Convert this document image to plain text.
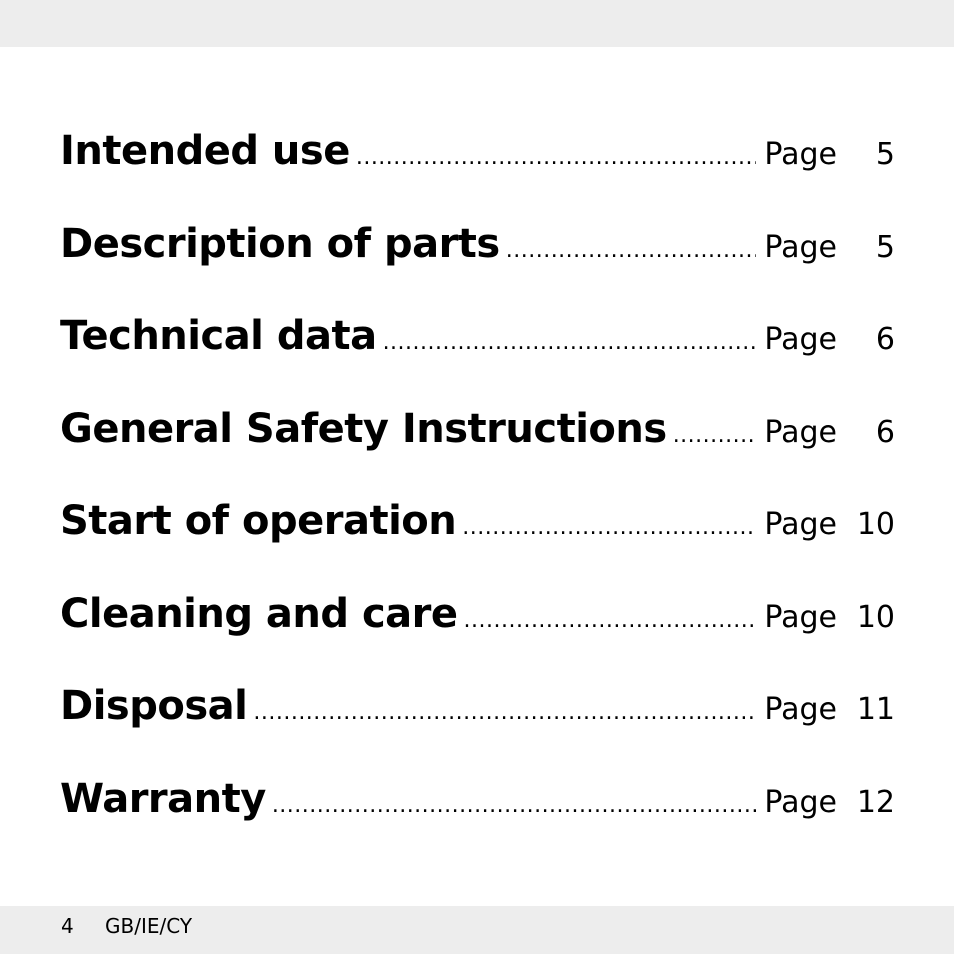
Intended use .....	Page	5
Description of parts .....	Page	5
Technical data .....	Page	6
General Safety Instructions .....	Page	6
Start of operation .....	Page 10
Cleaning and care .....	Page 10
Disposal .....	Page 11
Warranty .....	Page 12
4 GB/IE/CY
